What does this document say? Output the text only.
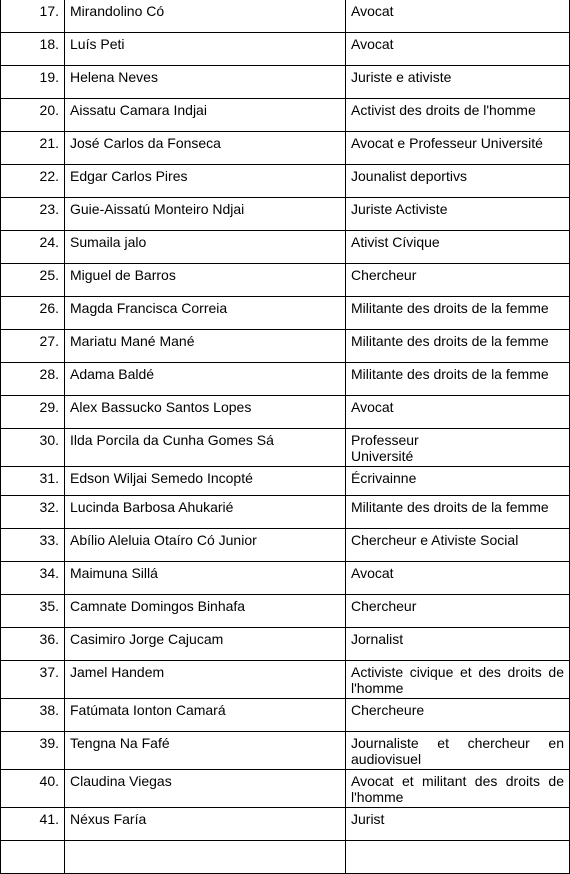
17.	Mirandolino Có	Avocat
18.	Luís Peti	Avocat
19.	Helena Neves	Juriste e ativiste
20.	Aissatu Camara Indjai	Activist des droits de l'homme
21.	José Carlos da Fonseca	Avocat e Professeur Université
22.	Edgar Carlos Pires	Jounalist deportivs
23.	Guie-Aissatú Monteiro Ndjai	Juriste Activiste
24.	Sumaila jalo	Ativist Cívique
25.	Miguel de Barros	Chercheur
26.	Magda Francisca Correia	Militante des droits de la femme
27.	Mariatu Mané Mané	Militante des droits de la femme
28.	Adama Baldé	Militante des droits de la femme
29.	Alex Bassucko Santos Lopes	Avocat
30.	Ilda Porcila da Cunha Gomes Sá	Professeur
Université
31.	Edson Wiljai Semedo Incopté	Écrivainne
32.	Lucinda Barbosa Ahukarié	Militante des droits de la femme
33.	Abílio Aleluia Otaíro Có Junior	Chercheur e Ativiste Social
34.	Maimuna Sillá	Avocat
35.	Camnate Domingos Binhafa	Chercheur
36.	Casimiro Jorge Cajucam	Jornalist
37.	Jamel Handem	Activiste civique et des droits de l'homme
38.	Fatúmata Ionton Camará	Chercheure
39.	Tengna Na Fafé	Journaliste et chercheur en audiovisuel
40.	Claudina Viegas	Avocat et militant des droits de l'homme
41.	Néxus Faría	Jurist
